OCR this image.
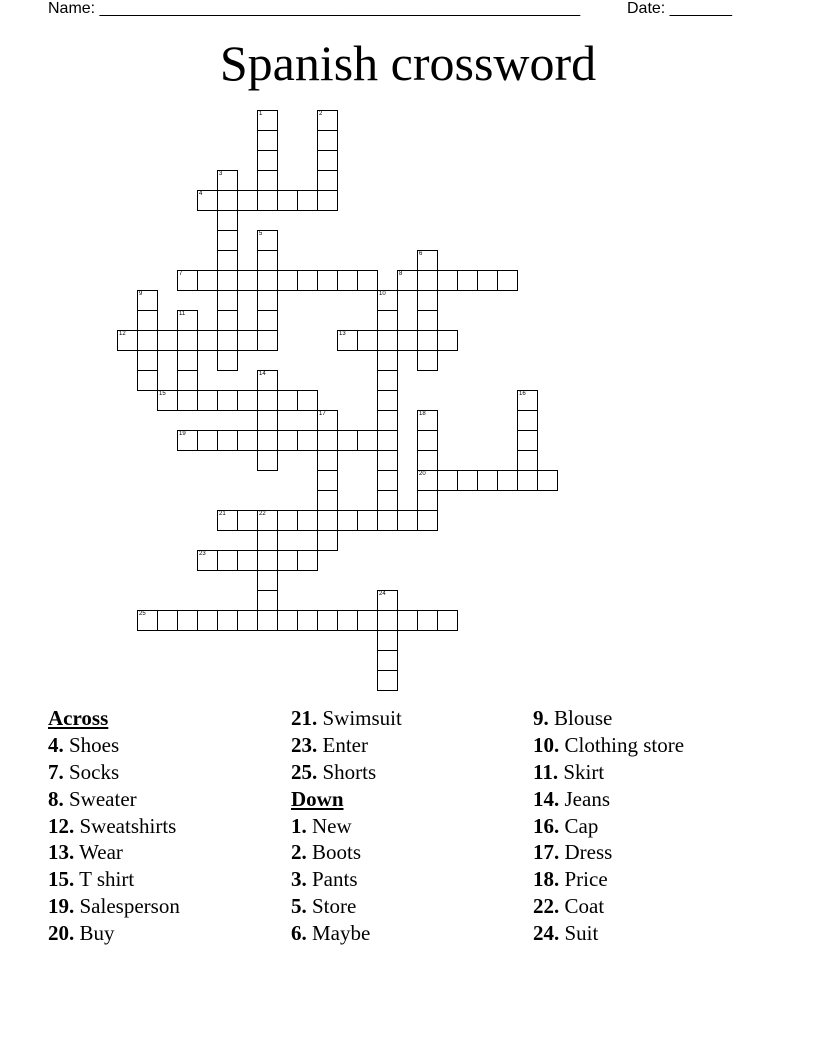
Name: ______________________________________________________	Date: _______
Spanish crossword
1	2
3
4
5
6
7	8
9	10
11
12	13
14
15	16
17	18
20
19
21	22
23
24
25
Across
4. Shoes
7. Socks
8. Sweater
12. Sweatshirts
13. Wear
15. T shirt
19. Salesperson
20. Buy
21. Swimsuit
23. Enter
25. Shorts
Down
1. New
2. Boots
3. Pants
5. Store
6. Maybe
9. Blouse
10. Clothing store
11. Skirt
14. Jeans
16. Cap
17. Dress
18. Price
22. Coat
24. Suit
